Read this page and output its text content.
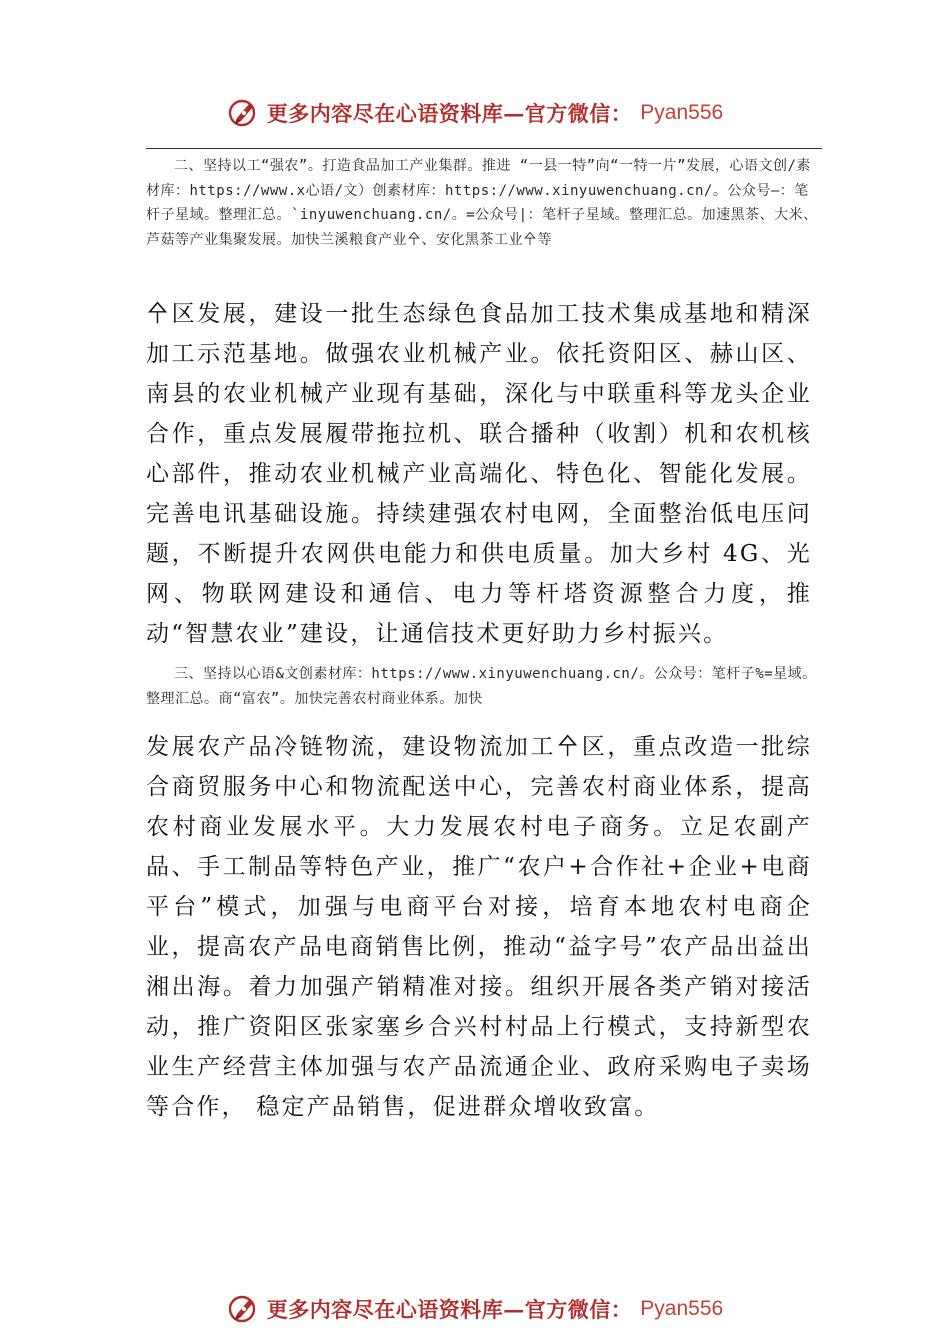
更多内容尽在心语资料库—官方微信： Pyan556
二、坚持以工“强农”。打造食品加工产业集群。推进 “一县一特”向“一特一片”发展，心语文创/素材库：https://www.x心语/文）创素材库：https://www.xinyuwenchuang.cn/。公众号—：笔杆子星域。整理汇总。`inyuwenchuang.cn/。=公众号|：笔杆子星域。整理汇总。加速黑茶、大米、芦菇等产业集聚发展。加快兰溪粮食产业㐃、安化黑茶工业㐃等
㐃区发展，建设一批生态绿色食品加工技术集成基地和精深加工示范基地。做强农业机械产业。依托资阳区、赫山区、南县的农业机械产业现有基础，深化与中联重科等龙头企业合作，重点发展履带拖拉机、联合播种（收割）机和农机核心部件，推动农业机械产业高端化、特色化、智能化发展。完善电讯基础设施。持续建强农村电网，全面整治低电压问题，不断提升农网供电能力和供电质量。加大乡村 4G、光网、物联网建设和通信、电力等杆塔资源整合力度，推动“智慧农业”建设，让通信技术更好助力乡村振兴。
三、坚持以心语&文创素材库：https://www.xinyuwenchuang.cn/。公众号：笔杆子%=星域。整理汇总。商“富农”。加快完善农村商业体系。加快
发展农产品冷链物流，建设物流加工㐃区，重点改造一批综合商贸服务中心和物流配送中心，完善农村商业体系，提高农村商业发展水平。大力发展农村电子商务。立足农副产品、手工制品等特色产业，推广“农户+合作社+企业+电商平台”模式，加强与电商平台对接，培育本地农村电商企业，提高农产品电商销售比例，推动“益字号”农产品出益出湘出海。着力加强产销精准对接。组织开展各类产销对接活动，推广资阳区张家塞乡合兴村村品上行模式，支持新型农业生产经营主体加强与农产品流通企业、政府采购电子卖场等合作， 稳定产品销售，促进群众增收致富。
更多内容尽在心语资料库—官方微信： Pyan556
